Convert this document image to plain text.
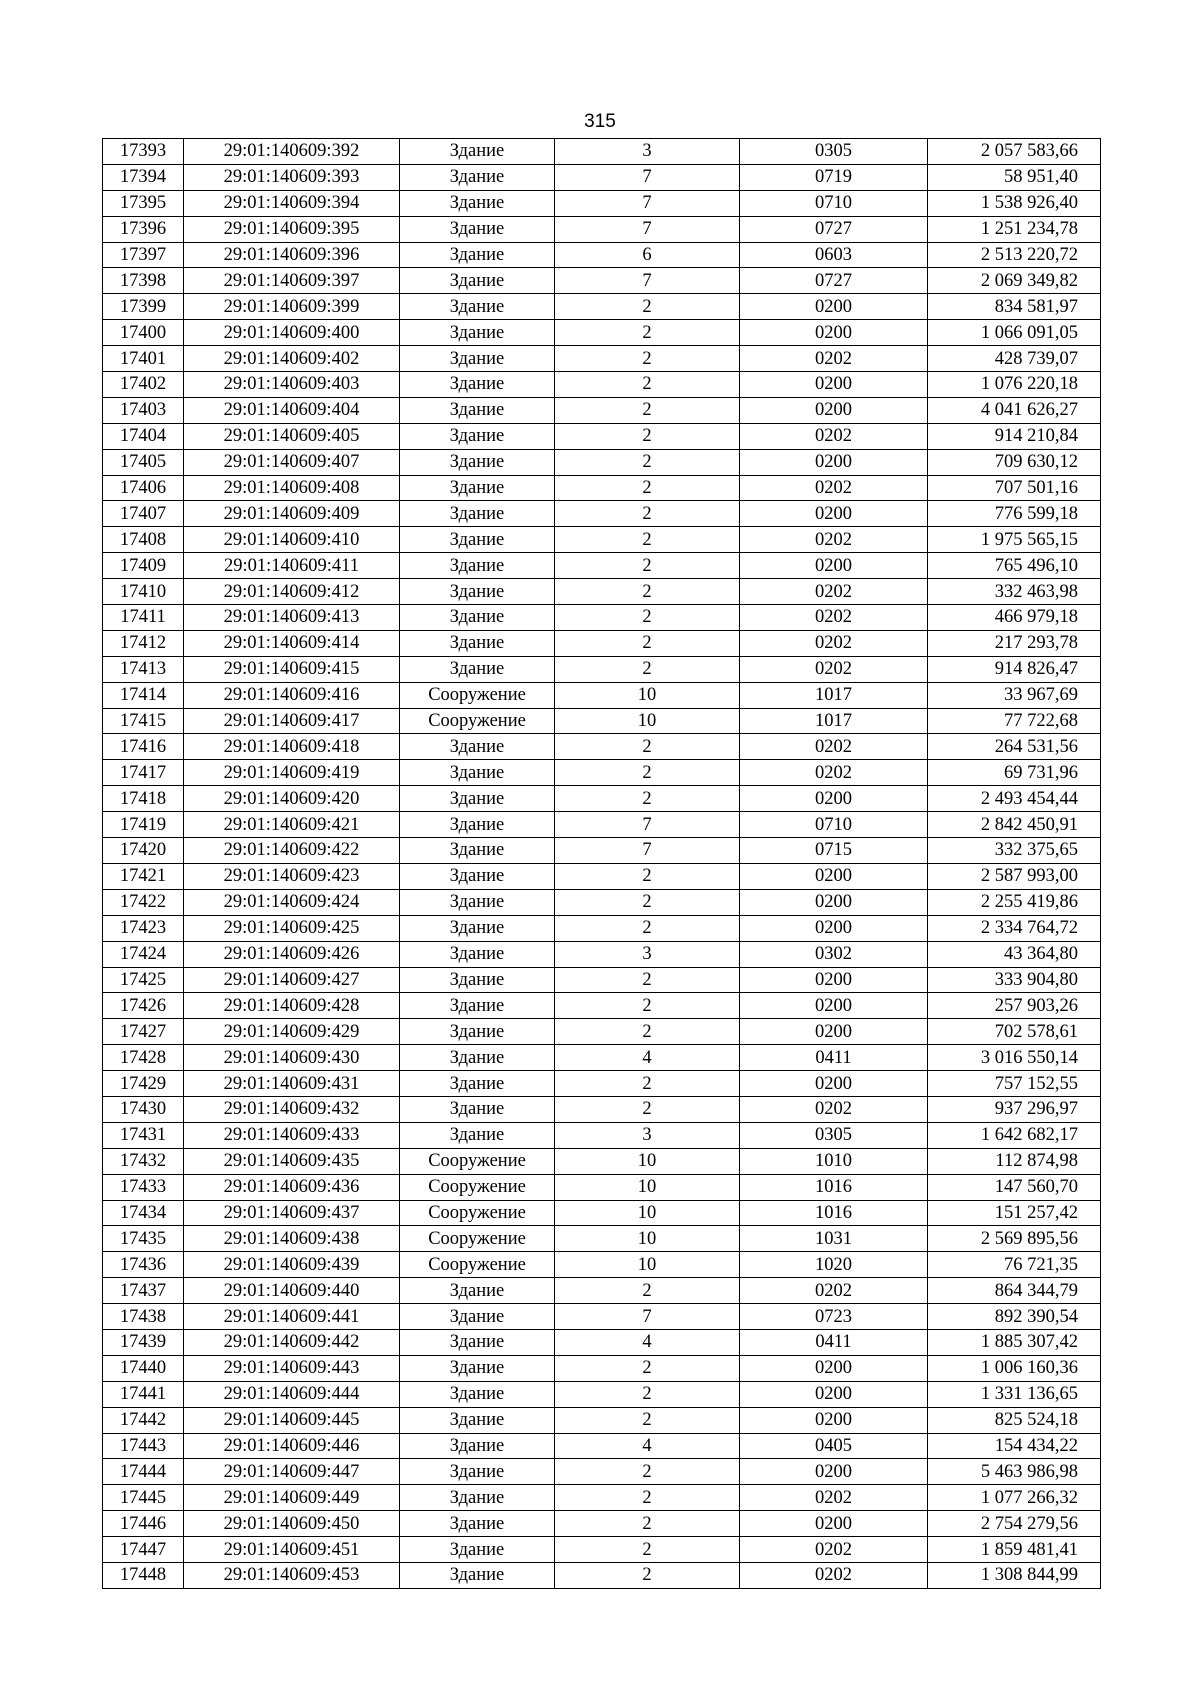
315
17393	29:01:140609:392	Здание	3	0305	2 057 583,66
17394	29:01:140609:393	Здание	7	0719	58 951,40
17395	29:01:140609:394	Здание	7	0710	1 538 926,40
17396	29:01:140609:395	Здание	7	0727	1 251 234,78
17397	29:01:140609:396	Здание	6	0603	2 513 220,72
17398	29:01:140609:397	Здание	7	0727	2 069 349,82
17399	29:01:140609:399	Здание	2	0200	834 581,97
17400	29:01:140609:400	Здание	2	0200	1 066 091,05
17401	29:01:140609:402	Здание	2	0202	428 739,07
17402	29:01:140609:403	Здание	2	0200	1 076 220,18
17403	29:01:140609:404	Здание	2	0200	4 041 626,27
17404	29:01:140609:405	Здание	2	0202	914 210,84
17405	29:01:140609:407	Здание	2	0200	709 630,12
17406	29:01:140609:408	Здание	2	0202	707 501,16
17407	29:01:140609:409	Здание	2	0200	776 599,18
17408	29:01:140609:410	Здание	2	0202	1 975 565,15
17409	29:01:140609:411	Здание	2	0200	765 496,10
17410	29:01:140609:412	Здание	2	0202	332 463,98
17411	29:01:140609:413	Здание	2	0202	466 979,18
17412	29:01:140609:414	Здание	2	0202	217 293,78
17413	29:01:140609:415	Здание	2	0202	914 826,47
17414	29:01:140609:416	Сооружение	10	1017	33 967,69
17415	29:01:140609:417	Сооружение	10	1017	77 722,68
17416	29:01:140609:418	Здание	2	0202	264 531,56
17417	29:01:140609:419	Здание	2	0202	69 731,96
17418	29:01:140609:420	Здание	2	0200	2 493 454,44
17419	29:01:140609:421	Здание	7	0710	2 842 450,91
17420	29:01:140609:422	Здание	7	0715	332 375,65
17421	29:01:140609:423	Здание	2	0200	2 587 993,00
17422	29:01:140609:424	Здание	2	0200	2 255 419,86
17423	29:01:140609:425	Здание	2	0200	2 334 764,72
17424	29:01:140609:426	Здание	3	0302	43 364,80
17425	29:01:140609:427	Здание	2	0200	333 904,80
17426	29:01:140609:428	Здание	2	0200	257 903,26
17427	29:01:140609:429	Здание	2	0200	702 578,61
17428	29:01:140609:430	Здание	4	0411	3 016 550,14
17429	29:01:140609:431	Здание	2	0200	757 152,55
17430	29:01:140609:432	Здание	2	0202	937 296,97
17431	29:01:140609:433	Здание	3	0305	1 642 682,17
17432	29:01:140609:435	Сооружение	10	1010	112 874,98
17433	29:01:140609:436	Сооружение	10	1016	147 560,70
17434	29:01:140609:437	Сооружение	10	1016	151 257,42
17435	29:01:140609:438	Сооружение	10	1031	2 569 895,56
17436	29:01:140609:439	Сооружение	10	1020	76 721,35
17437	29:01:140609:440	Здание	2	0202	864 344,79
17438	29:01:140609:441	Здание	7	0723	892 390,54
17439	29:01:140609:442	Здание	4	0411	1 885 307,42
17440	29:01:140609:443	Здание	2	0200	1 006 160,36
17441	29:01:140609:444	Здание	2	0200	1 331 136,65
17442	29:01:140609:445	Здание	2	0200	825 524,18
17443	29:01:140609:446	Здание	4	0405	154 434,22
17444	29:01:140609:447	Здание	2	0200	5 463 986,98
17445	29:01:140609:449	Здание	2	0202	1 077 266,32
17446	29:01:140609:450	Здание	2	0200	2 754 279,56
17447	29:01:140609:451	Здание	2	0202	1 859 481,41
17448	29:01:140609:453	Здание	2	0202	1 308 844,99
